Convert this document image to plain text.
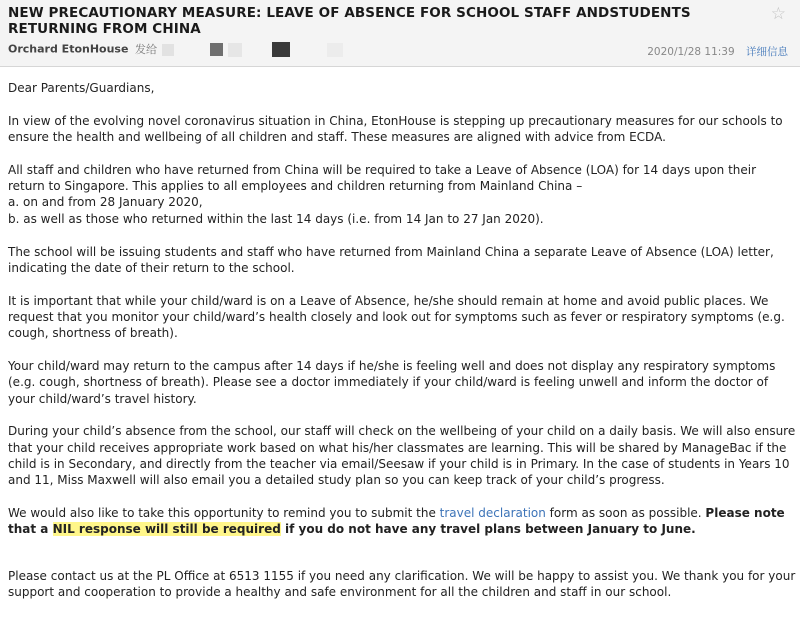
NEW PRECAUTIONARY MEASURE: LEAVE OF ABSENCE FOR SCHOOL STAFF ANDSTUDENTS RETURNING FROM CHINA
☆
Orchard EtonHouse 发给	2020/1/28 11:39 详细信息

Dear Parents/Guardians,

In view of the evolving novel coronavirus situation in China, EtonHouse is stepping up precautionary measures for our schools to ensure the health and wellbeing of all children and staff. These measures are aligned with advice from ECDA.

All staff and children who have returned from China will be required to take a Leave of Absence (LOA) for 14 days upon their return to Singapore. This applies to all employees and children returning from Mainland China –
a. on and from 28 January 2020,
b. as well as those who returned within the last 14 days (i.e. from 14 Jan to 27 Jan 2020).

The school will be issuing students and staff who have returned from Mainland China a separate Leave of Absence (LOA) letter, indicating the date of their return to the school.

It is important that while your child/ward is on a Leave of Absence, he/she should remain at home and avoid public places. We request that you monitor your child/ward’s health closely and look out for symptoms such as fever or respiratory symptoms (e.g. cough, shortness of breath).

Your child/ward may return to the campus after 14 days if he/she is feeling well and does not display any respiratory symptoms (e.g. cough, shortness of breath). Please see a doctor immediately if your child/ward is feeling unwell and inform the doctor of your child/ward’s travel history.

During your child’s absence from the school, our staff will check on the wellbeing of your child on a daily basis. We will also ensure that your child receives appropriate work based on what his/her classmates are learning. This will be shared by ManageBac if the child is in Secondary, and directly from the teacher via email/Seesaw if your child is in Primary. In the case of students in Years 10 and 11, Miss Maxwell will also email you a detailed study plan so you can keep track of your child’s progress.

We would also like to take this opportunity to remind you to submit the travel declaration form as soon as possible. Please note that a NIL response will still be required if you do not have any travel plans between January to June.

Please contact us at the PL Office at 6513 1155 if you need any clarification. We will be happy to assist you. We thank you for your support and cooperation to provide a healthy and safe environment for all the children and staff in our school.
